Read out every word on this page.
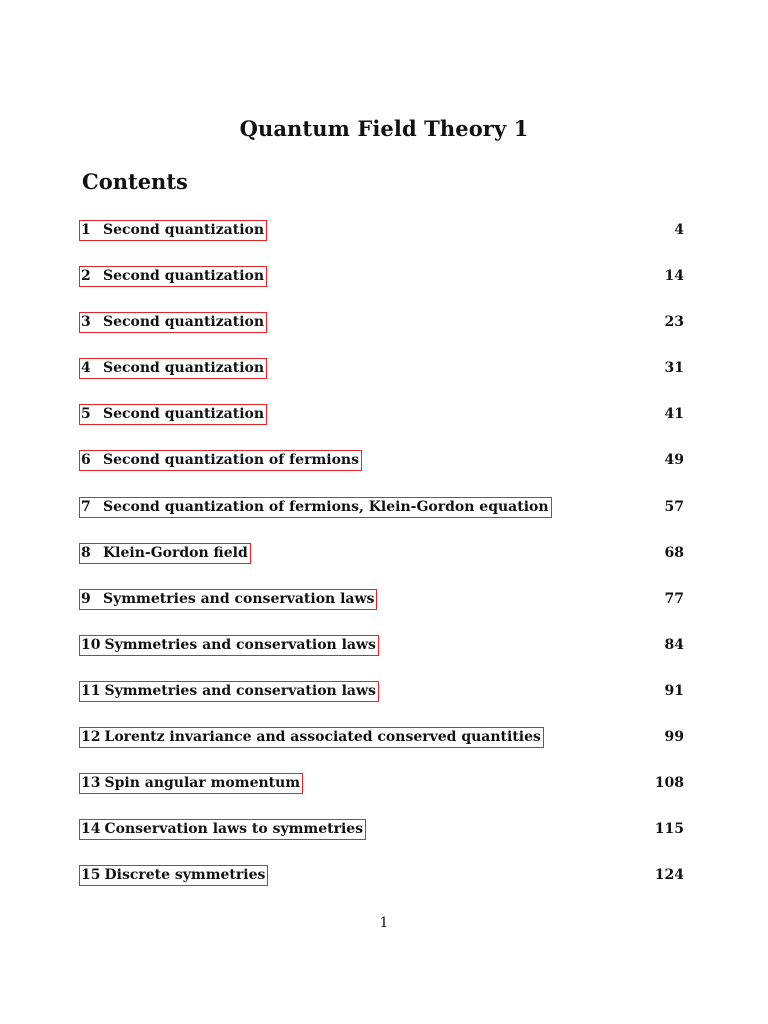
Quantum Field Theory 1
Contents
1 Second quantization	4
2 Second quantization	14
3 Second quantization	23
4 Second quantization	31
5 Second quantization	41
6 Second quantization of fermions	49
7 Second quantization of fermions, Klein-Gordon equation	57
8 Klein-Gordon field	68
9 Symmetries and conservation laws	77
10 Symmetries and conservation laws	84
11 Symmetries and conservation laws	91
12 Lorentz invariance and associated conserved quantities	99
13 Spin angular momentum	108
14 Conservation laws to symmetries	115
15 Discrete symmetries	124
1
